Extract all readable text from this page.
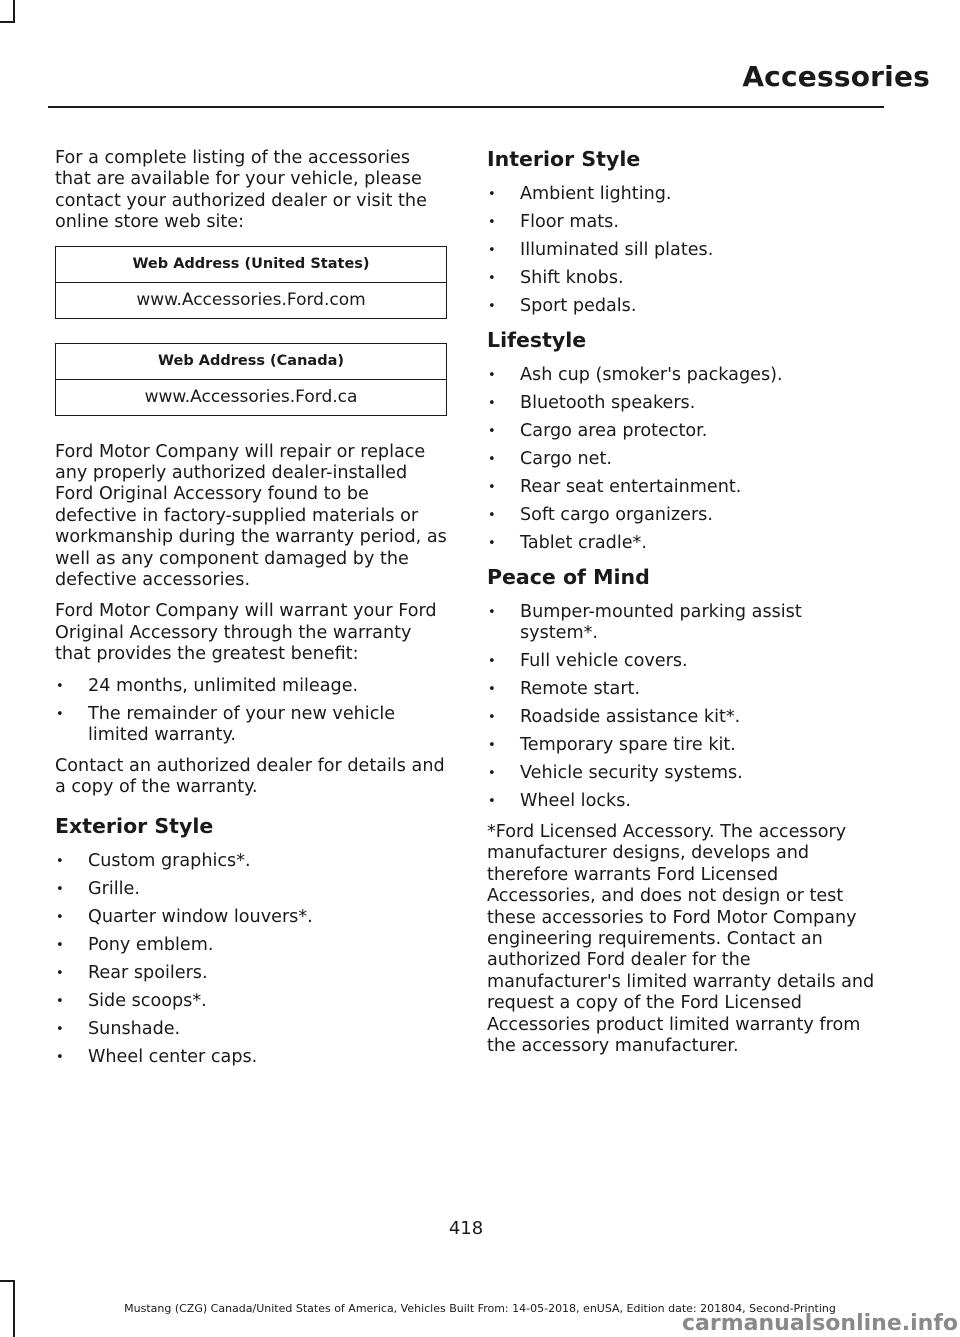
Accessories

For a complete listing of the accessories that are available for your vehicle, please contact your authorized dealer or visit the online store web site:

Web Address (United States)
www.Accessories.Ford.com
Web Address (Canada)
www.Accessories.Ford.ca

Ford Motor Company will repair or replace any properly authorized dealer-installed Ford Original Accessory found to be defective in factory-supplied materials or workmanship during the warranty period, as well as any component damaged by the defective accessories.

Ford Motor Company will warrant your Ford Original Accessory through the warranty that provides the greatest benefit:

• 24 months, unlimited mileage.
• The remainder of your new vehicle limited warranty.

Contact an authorized dealer for details and a copy of the warranty.

Exterior Style
• Custom graphics*.
• Grille.
• Quarter window louvers*.
• Pony emblem.
• Rear spoilers.
• Side scoops*.
• Sunshade.
• Wheel center caps.
Interior Style
• Ambient lighting.
• Floor mats.
• Illuminated sill plates.
• Shift knobs.
• Sport pedals.
Lifestyle
• Ash cup (smoker's packages).
• Bluetooth speakers.
• Cargo area protector.
• Cargo net.
• Rear seat entertainment.
• Soft cargo organizers.
• Tablet cradle*.
Peace of Mind
• Bumper-mounted parking assist system*.
• Full vehicle covers.
• Remote start.
• Roadside assistance kit*.
• Temporary spare tire kit.
• Vehicle security systems.
• Wheel locks.

*Ford Licensed Accessory. The accessory manufacturer designs, develops and therefore warrants Ford Licensed Accessories, and does not design or test these accessories to Ford Motor Company engineering requirements. Contact an authorized Ford dealer for the manufacturer's limited warranty details and request a copy of the Ford Licensed Accessories product limited warranty from the accessory manufacturer.

418
Mustang (CZG) Canada/United States of America, Vehicles Built From: 14-05-2018, enUSA, Edition date: 201804, Second-Printing
carmanualsonline.info
